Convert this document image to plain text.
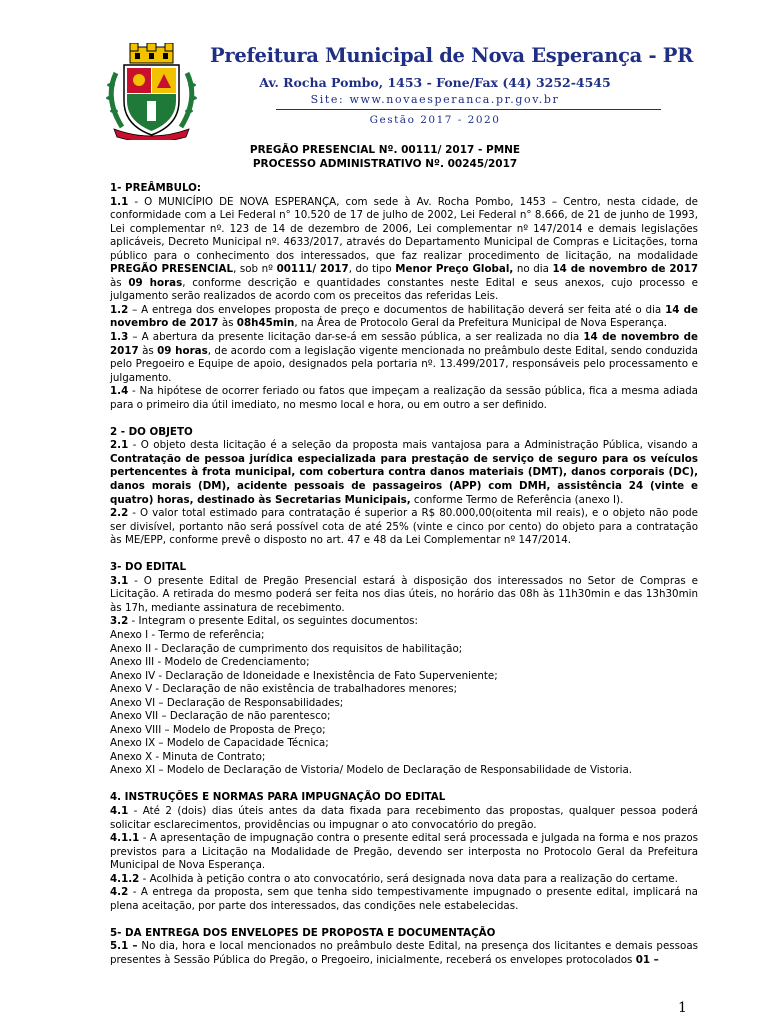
Prefeitura Municipal de Nova Esperança - PR
Av. Rocha Pombo, 1453 - Fone/Fax (44) 3252-4545
Site: www.novaesperanca.pr.gov.br
Gestão 2017 - 2020
PREGÃO PRESENCIAL Nº. 00111/ 2017 - PMNE
PROCESSO ADMINISTRATIVO Nº. 00245/2017
1- PREÂMBULO:

1.1 - O MUNICÍPIO DE NOVA ESPERANÇA, com sede à Av. Rocha Pombo, 1453 – Centro, nesta cidade, de conformidade com a Lei Federal n° 10.520 de 17 de julho de 2002, Lei Federal n° 8.666, de 21 de junho de 1993, Lei complementar nº. 123 de 14 de dezembro de 2006, Lei complementar nº 147/2014 e demais legislações aplicáveis, Decreto Municipal nº. 4633/2017, através do Departamento Municipal de Compras e Licitações, torna público para o conhecimento dos interessados, que faz realizar procedimento de licitação, na modalidade PREGÃO PRESENCIAL, sob nº 00111/ 2017, do tipo Menor Preço Global, no dia 14 de novembro de 2017 às 09 horas, conforme descrição e quantidades constantes neste Edital e seus anexos, cujo processo e julgamento serão realizados de acordo com os preceitos das referidas Leis.

1.2 – A entrega dos envelopes proposta de preço e documentos de habilitação deverá ser feita até o dia 14 de novembro de 2017 às 08h45min, na Área de Protocolo Geral da Prefeitura Municipal de Nova Esperança.

1.3 – A abertura da presente licitação dar-se-á em sessão pública, a ser realizada no dia 14 de novembro de 2017 às 09 horas, de acordo com a legislação vigente mencionada no preâmbulo deste Edital, sendo conduzida pelo Pregoeiro e Equipe de apoio, designados pela portaria nº. 13.499/2017, responsáveis pelo processamento e julgamento.

1.4 - Na hipótese de ocorrer feriado ou fatos que impeçam a realização da sessão pública, fica a mesma adiada para o primeiro dia útil imediato, no mesmo local e hora, ou em outro a ser definido.

2 - DO OBJETO

2.1 - O objeto desta licitação é a seleção da proposta mais vantajosa para a Administração Pública, visando a Contratação de pessoa jurídica especializada para prestação de serviço de seguro para os veículos pertencentes à frota municipal, com cobertura contra danos materiais (DMT), danos corporais (DC), danos morais (DM), acidente pessoais de passageiros (APP) com DMH, assistência 24 (vinte e quatro) horas, destinado às Secretarias Municipais, conforme Termo de Referência (anexo I).

2.2 - O valor total estimado para contratação é superior a R$ 80.000,00(oitenta mil reais), e o objeto não pode ser divisível, portanto não será possível cota de até 25% (vinte e cinco por cento) do objeto para a contratação às ME/EPP, conforme prevê o disposto no art. 47 e 48 da Lei Complementar nº 147/2014.

3- DO EDITAL

3.1 - O presente Edital de Pregão Presencial estará à disposição dos interessados no Setor de Compras e Licitação. A retirada do mesmo poderá ser feita nos dias úteis, no horário das 08h às 11h30min e das 13h30min às 17h, mediante assinatura de recebimento.

3.2 - Integram o presente Edital, os seguintes documentos:

Anexo I - Termo de referência;
Anexo II - Declaração de cumprimento dos requisitos de habilitação;
Anexo III - Modelo de Credenciamento;
Anexo IV - Declaração de Idoneidade e Inexistência de Fato Superveniente;
Anexo V - Declaração de não existência de trabalhadores menores;
Anexo VI – Declaração de Responsabilidades;
Anexo VII – Declaração de não parentesco;
Anexo VIII – Modelo de Proposta de Preço;
Anexo IX – Modelo de Capacidade Técnica;
Anexo X - Minuta de Contrato;
Anexo XI – Modelo de Declaração de Vistoria/ Modelo de Declaração de Responsabilidade de Vistoria.
4. INSTRUÇÕES E NORMAS PARA IMPUGNAÇÃO DO EDITAL

4.1 - Até 2 (dois) dias úteis antes da data fixada para recebimento das propostas, qualquer pessoa poderá solicitar esclarecimentos, providências ou impugnar o ato convocatório do pregão.

4.1.1 - A apresentação de impugnação contra o presente edital será processada e julgada na forma e nos prazos previstos para a Licitação na Modalidade de Pregão, devendo ser interposta no Protocolo Geral da Prefeitura Municipal de Nova Esperança.

4.1.2 - Acolhida à petição contra o ato convocatório, será designada nova data para a realização do certame.

4.2 - A entrega da proposta, sem que tenha sido tempestivamente impugnado o presente edital, implicará na plena aceitação, por parte dos interessados, das condições nele estabelecidas.

5- DA ENTREGA DOS ENVELOPES DE PROPOSTA E DOCUMENTAÇÃO

5.1 – No dia, hora e local mencionados no preâmbulo deste Edital, na presença dos licitantes e demais pessoas presentes à Sessão Pública do Pregão, o Pregoeiro, inicialmente, receberá os envelopes protocolados 01 –

1
